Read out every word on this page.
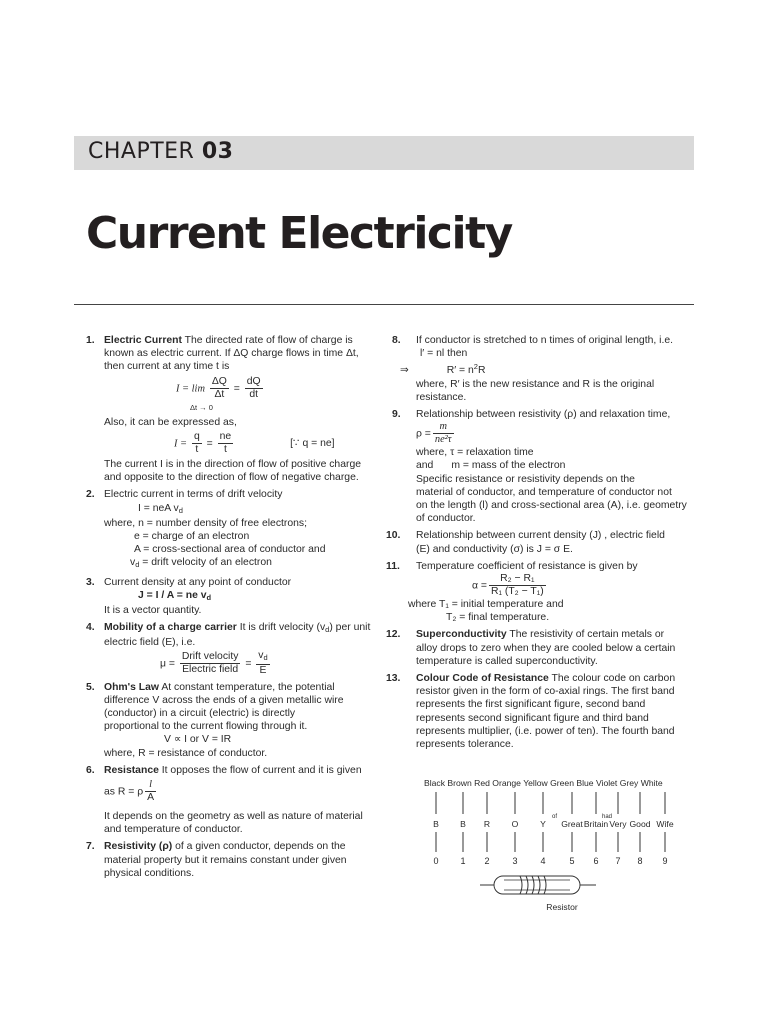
CHAPTER 03
Current Electricity
1. Electric Current The directed rate of flow of charge is
known as electric current. If ΔQ charge flows in time Δt,
then current at any time t is
$I = \lim \frac{\Delta Q}{\Delta t} = \frac{dQ}{dt}$
Δt → 0
Also, it can be expressed as,
$I = \frac{q}{t} = \frac{ne}{t}$	[∵ q = ne]
The current I is in the direction of flow of positive charge
and opposite to the direction of flow of negative charge.
2. Electric current in terms of drift velocity
I = neA $v_d$
where, n = number density of free electrons;
e = charge of an electron
A = cross-sectional area of conductor and
$v_d$ = drift velocity of an electron
3. Current density at any point of conductor
J = I / A = ne $v_d$
It is a vector quantity.
4. Mobility of a charge carrier It is drift velocity $(v_d)$ per unit
electric field (E), i.e.
$\mu = \frac{\text{Drift velocity}}{\text{Electric field}} = \frac{v_d}{E}$
5. Ohm's Law At constant temperature, the potential
difference V across the ends of a given metallic wire
(conductor) in a circuit (electric) is directly
proportional to the current flowing through it.
V ∝ I or V = IR
where, R = resistance of conductor.
6. Resistance It opposes the flow of current and it is given
as R = ρ $\frac{l}{A}$
It depends on the geometry as well as nature of material
and temperature of conductor.
7. Resistivity (ρ) of a given conductor, depends on the
material property but it remains constant under given
physical conditions.
8. If conductor is stretched to n times of original length, i.e.
l′ = nl then
⇒	$R' = n^2R$
where, R′ is the new resistance and R is the original
resistance.
9. Relationship between resistivity (ρ) and relaxation time,
$\rho = \frac{m}{\text{ne²τ}}$
where, τ = relaxation time
and m = mass of the electron
Specific resistance or resistivity depends on the
material of conductor, and temperature of conductor not
on the length (l) and cross-sectional area (A), i.e. geometry
of conductor.
10. Relationship between current density (J) , electric field
(E) and conductivity (σ) is J = σ E.
11. Temperature coefficient of resistance is given by
$\alpha = \frac{\text{R₂ − R₁}}{\text{R₁ (T₂ − T₁)}}$
where T₁ = initial temperature and
T₂ = final temperature.
12. Superconductivity The resistivity of certain metals or
alloy drops to zero when they are cooled below a certain
temperature is called superconductivity.
13. Colour Code of Resistance The colour code on carbon
resistor given in the form of co-axial rings. The first band
represents the first significant figure, second band
represents second significant figure and third band
represents multiplier, (i.e. power of ten). The fourth band
represents tolerance.
Black Brown Red Orange Yellow Green Blue Violet Grey White
0 1 2	3	4	5 6 7 8 9
B B R	O	Y Great Britain Very Good Wife
of	had
Resistor
